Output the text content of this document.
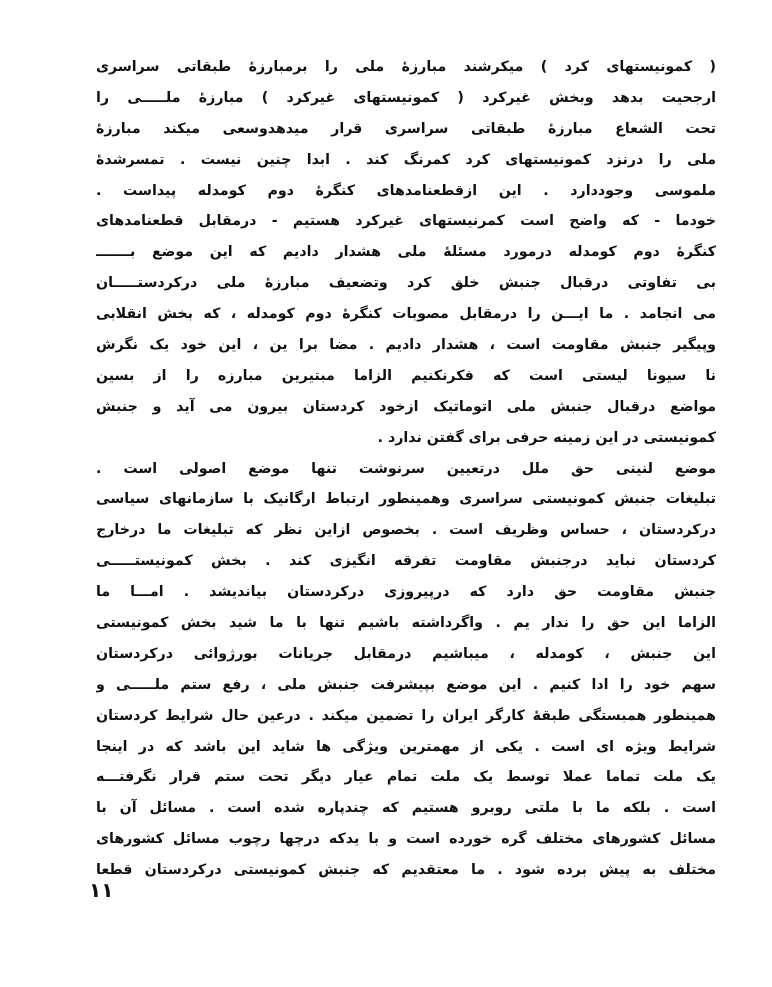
( کمونیستهای کرد ) میکرشند مبارزهٔ ملی را برمبارزهٔ طبقاتی سراسری
ارجحیت بدهد وبخش غیرکرد ( کمونیستهای غیرکرد ) مبارزهٔ ملـــــی را
تحت الشعاع مبارزهٔ طبقاتی سراسری قرار میدهدوسعی میکند مبارزهٔ
ملی را درنزد کمونیستهای کرد کمرنگ کند . ابدا چنین نیست . تمسرشدهٔ
ملموسی وجوددارد . این ازقطعنامدهای کنگرهٔ دوم کومدله پیداست .
خودما - که واضح است کمرنیستهای غیرکرد هستیم - درمقابل قطعنامدهای
کنگرهٔ دوم کومدله درمورد مسئلهٔ ملی هشدار دادیم که این موضع بـــــــ
بی تفاوتی درقبال جنبش خلق کرد وتضعیف مبارزهٔ ملی درکردستـــــان
می انجامد . ما ایـــن را درمقابل مصوبات کنگرهٔ دوم کومدله ، که بخش انقلابی
وپیگیر جنبش مقاومت است ، هشدار دادیم . مضا برا ین ، این خود یک نگرش
نا سیونا لیستی است که فکرنکنیم الزاما مبتیرین مبارزه را از بسین
مواضع درقبال جنبش ملی اتوماتیک ازخود کردستان بیرون می آید و جنبش
کمونیستی در این زمینه حرفی برای گفتن ندارد .
موضع لنینی حق ملل درتعیین سرنوشت تنها موضع اصولی است .
تبلیغات جنبش کمونیستی سراسری وهمینطور ارتباط ارگانیک با سازمانهای سیاسی
درکردستان ، حساس وظریف است . بخصوص ازاین نظر که تبلیغات ما درخارج
کردستان نباید درجنبش مقاومت تفرقه انگیزی کند . بخش کمونیستـــــی
جنبش مقاومت حق دارد که درپیروزی درکردستان بیاندیشد . امـــا ما
الزاما این حق را ندار یم . واگرداشته باشیم تنها با ما شید بخش کمونیستی
این جنبش ، کومدله ، میباشیم درمقابل جریانات بورژوائی درکردستان
سهم خود را ادا کنیم . این موضع بپیشرفت جنبش ملی ، رفع ستم ملـــــی و
همینطور همبستگی طبقهٔ کارگر ایران را تضمین میکند . درعین حال شرایط کردستان
شرایط ویژه ای است . یکی از مهمترین ویژگی ها شاید این باشد که در اینجا
یک ملت تماما عملا توسط یک ملت تمام عیار دیگر تحت ستم قرار نگرفتـــه
است . بلکه ما با ملتی روبرو هستیم که چندپاره شده است . مسائل آن با
مسائل کشورهای مختلف گره خورده است و با یدکه درچها رچوب مسائل کشورهای
مختلف به پیش برده شود . ما معتقدیم که جنبش کمونیستی درکردستان قطعا
۱۱
